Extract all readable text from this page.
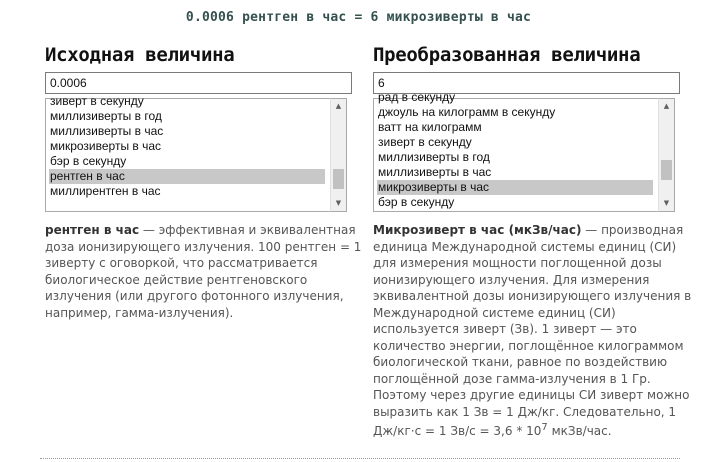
0.0006 рентген в час = 6 микрозиверты в час
Исходная величина
0.0006
зиверт в секунду
миллизиверты в год
миллизиверты в час
микрозиверты в час
бэр в секунду
рентген в час
миллирентген в час
▲
▼
рентген в час — эффективная и эквивалентная доза ионизирующего излучения. 100 рентген = 1 зиверту с оговоркой, что рассматривается биологическое действие рентгеновского излучения (или другого фотонного излучения, например, гамма-излучения).
Преобразованная величина
6
рад в секунду
джоуль на килограмм в секунду
ватт на килограмм
зиверт в секунду
миллизиверты в год
миллизиверты в час
микрозиверты в час
бэр в секунду
▲
▼
Микрозиверт в час (мкЗв/час) — производная единица Международной системы единиц (СИ) для измерения мощности поглощенной дозы ионизирующего излучения. Для измерения эквивалентной дозы ионизирующего излучения в Международной системе единиц (СИ) используется зиверт (Зв). 1 зиверт — это количество энергии, поглощённое килограммом биологической ткани, равное по воздействию поглощённой дозе гамма-излучения в 1 Гр. Поэтому через другие единицы СИ зиверт можно выразить как 1 Зв = 1 Дж/кг. Следовательно, 1 Дж/кг·с = 1 $Зв/с = 3,6 * 10^7$ мкЗв/час.
